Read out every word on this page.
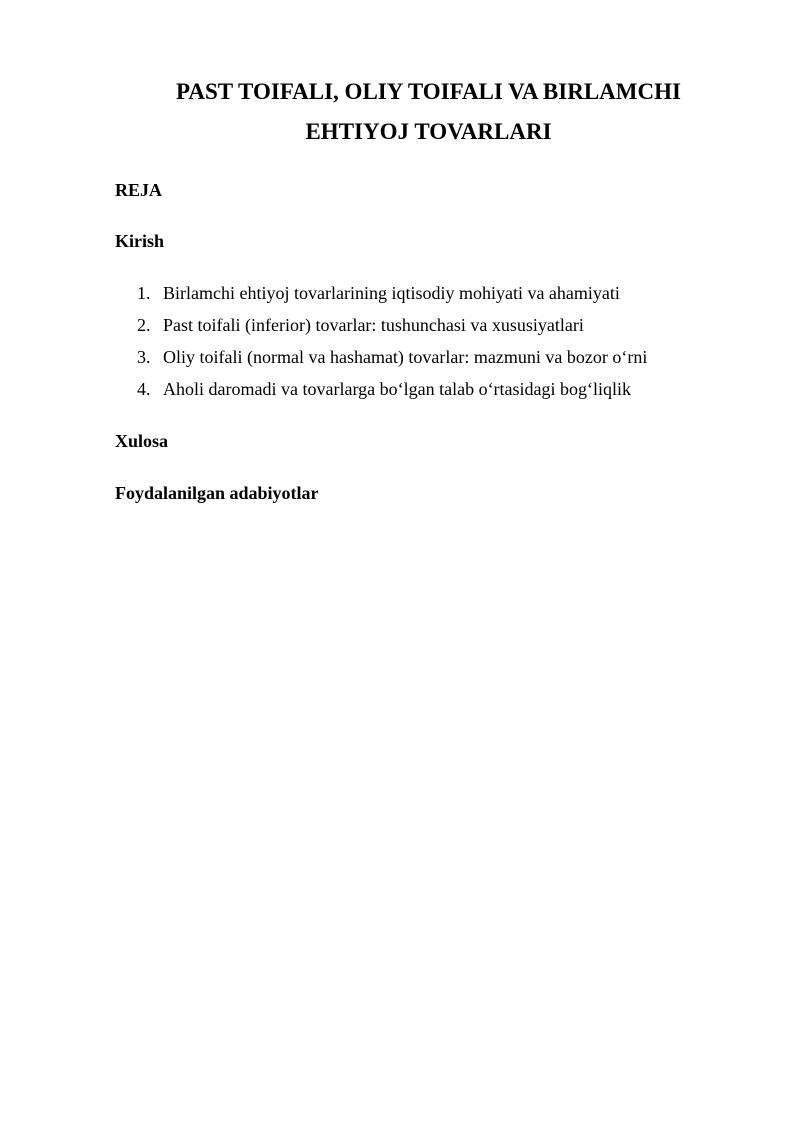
PAST TOIFALI, OLIY TOIFALI VA BIRLAMCHI
EHTIYOJ TOVARLARI
REJA
Kirish
1. Birlamchi ehtiyoj tovarlarining iqtisodiy mohiyati va ahamiyati
2. Past toifali (inferior) tovarlar: tushunchasi va xususiyatlari
3. Oliy toifali (normal va hashamat) tovarlar: mazmuni va bozor o‘rni
4. Aholi daromadi va tovarlarga bo‘lgan talab o‘rtasidagi bog‘liqlik
Xulosa
Foydalanilgan adabiyotlar
